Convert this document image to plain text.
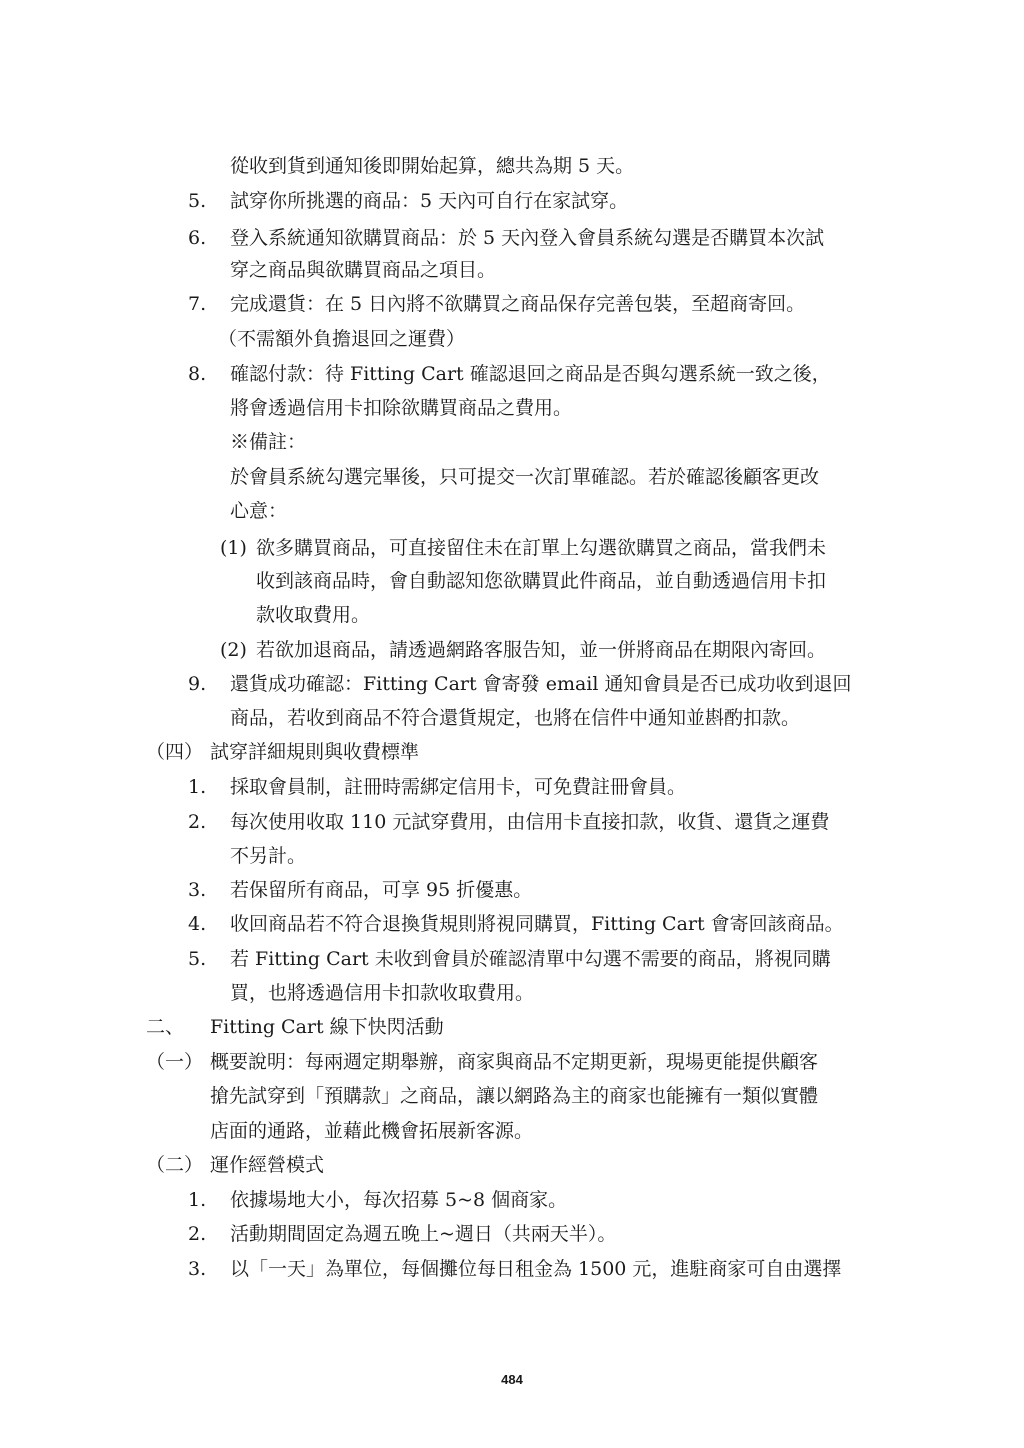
從收到貨到通知後即開始起算，總共為期 5 天。
5. 試穿你所挑選的商品：5 天內可自行在家試穿。
6. 登入系統通知欲購買商品：於 5 天內登入會員系統勾選是否購買本次試
穿之商品與欲購買商品之項目。
7. 完成還貨：在 5 日內將不欲購買之商品保存完善包裝，至超商寄回。
（不需額外負擔退回之運費）
8. 確認付款：待 Fitting Cart 確認退回之商品是否與勾選系統一致之後，
將會透過信用卡扣除欲購買商品之費用。
※備註：
於會員系統勾選完畢後，只可提交一次訂單確認。若於確認後顧客更改
心意：
(1) 欲多購買商品，可直接留住未在訂單上勾選欲購買之商品，當我們未
收到該商品時，會自動認知您欲購買此件商品，並自動透過信用卡扣
款收取費用。
(2) 若欲加退商品，請透過網路客服告知，並一併將商品在期限內寄回。
9. 還貨成功確認：Fitting Cart 會寄發 email 通知會員是否已成功收到退回
商品，若收到商品不符合還貨規定，也將在信件中通知並斟酌扣款。
（四） 試穿詳細規則與收費標準
1. 採取會員制，註冊時需綁定信用卡，可免費註冊會員。
2. 每次使用收取 110 元試穿費用，由信用卡直接扣款，收貨、還貨之運費
不另計。
3. 若保留所有商品，可享 95 折優惠。
4. 收回商品若不符合退換貨規則將視同購買，Fitting Cart 會寄回該商品。
5. 若 Fitting Cart 未收到會員於確認清單中勾選不需要的商品，將視同購
買，也將透過信用卡扣款收取費用。
二、 Fitting Cart 線下快閃活動
（一） 概要說明：每兩週定期舉辦，商家與商品不定期更新，現場更能提供顧客
搶先試穿到「預購款」之商品，讓以網路為主的商家也能擁有一類似實體
店面的通路，並藉此機會拓展新客源。
（二） 運作經營模式
1. 依據場地大小，每次招募 5~8 個商家。
2. 活動期間固定為週五晚上~週日（共兩天半）。
3. 以「一天」為單位，每個攤位每日租金為 1500 元，進駐商家可自由選擇
484
